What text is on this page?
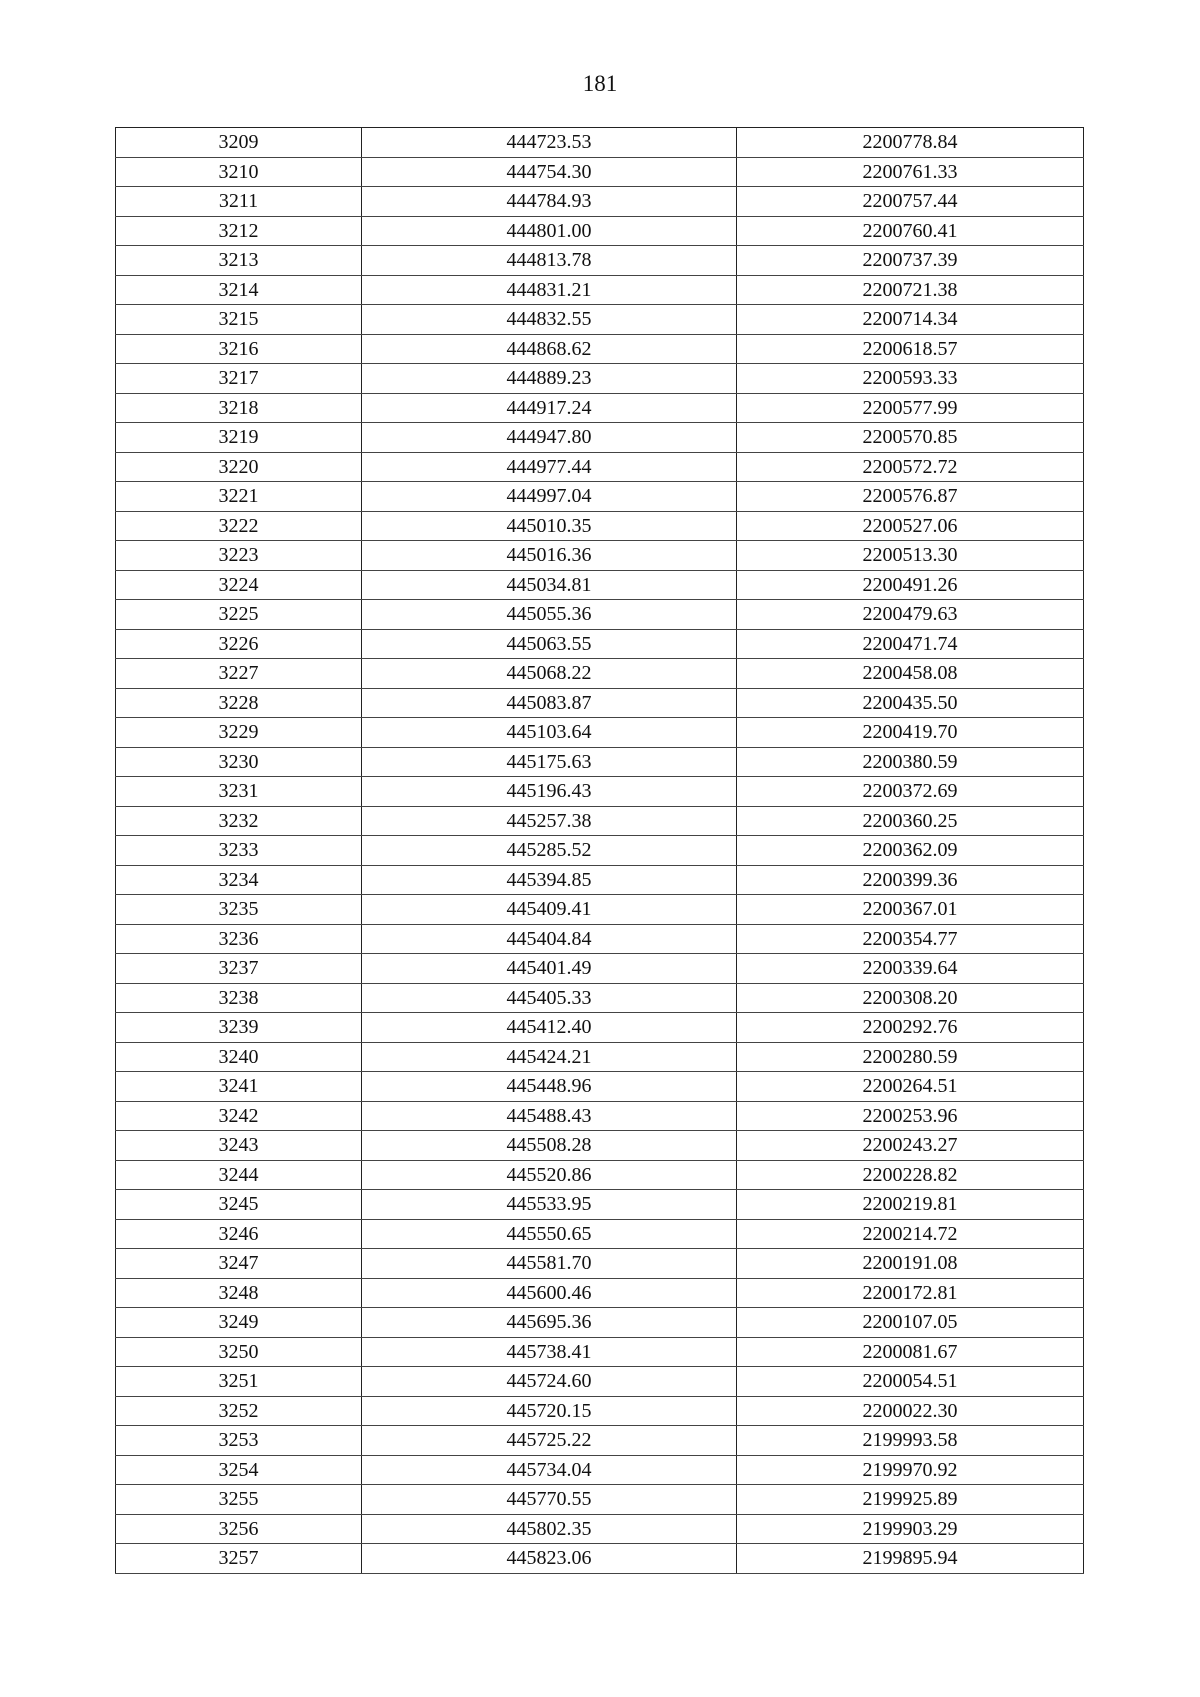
181
3209	444723.53	2200778.84
3210	444754.30	2200761.33
3211	444784.93	2200757.44
3212	444801.00	2200760.41
3213	444813.78	2200737.39
3214	444831.21	2200721.38
3215	444832.55	2200714.34
3216	444868.62	2200618.57
3217	444889.23	2200593.33
3218	444917.24	2200577.99
3219	444947.80	2200570.85
3220	444977.44	2200572.72
3221	444997.04	2200576.87
3222	445010.35	2200527.06
3223	445016.36	2200513.30
3224	445034.81	2200491.26
3225	445055.36	2200479.63
3226	445063.55	2200471.74
3227	445068.22	2200458.08
3228	445083.87	2200435.50
3229	445103.64	2200419.70
3230	445175.63	2200380.59
3231	445196.43	2200372.69
3232	445257.38	2200360.25
3233	445285.52	2200362.09
3234	445394.85	2200399.36
3235	445409.41	2200367.01
3236	445404.84	2200354.77
3237	445401.49	2200339.64
3238	445405.33	2200308.20
3239	445412.40	2200292.76
3240	445424.21	2200280.59
3241	445448.96	2200264.51
3242	445488.43	2200253.96
3243	445508.28	2200243.27
3244	445520.86	2200228.82
3245	445533.95	2200219.81
3246	445550.65	2200214.72
3247	445581.70	2200191.08
3248	445600.46	2200172.81
3249	445695.36	2200107.05
3250	445738.41	2200081.67
3251	445724.60	2200054.51
3252	445720.15	2200022.30
3253	445725.22	2199993.58
3254	445734.04	2199970.92
3255	445770.55	2199925.89
3256	445802.35	2199903.29
3257	445823.06	2199895.94
